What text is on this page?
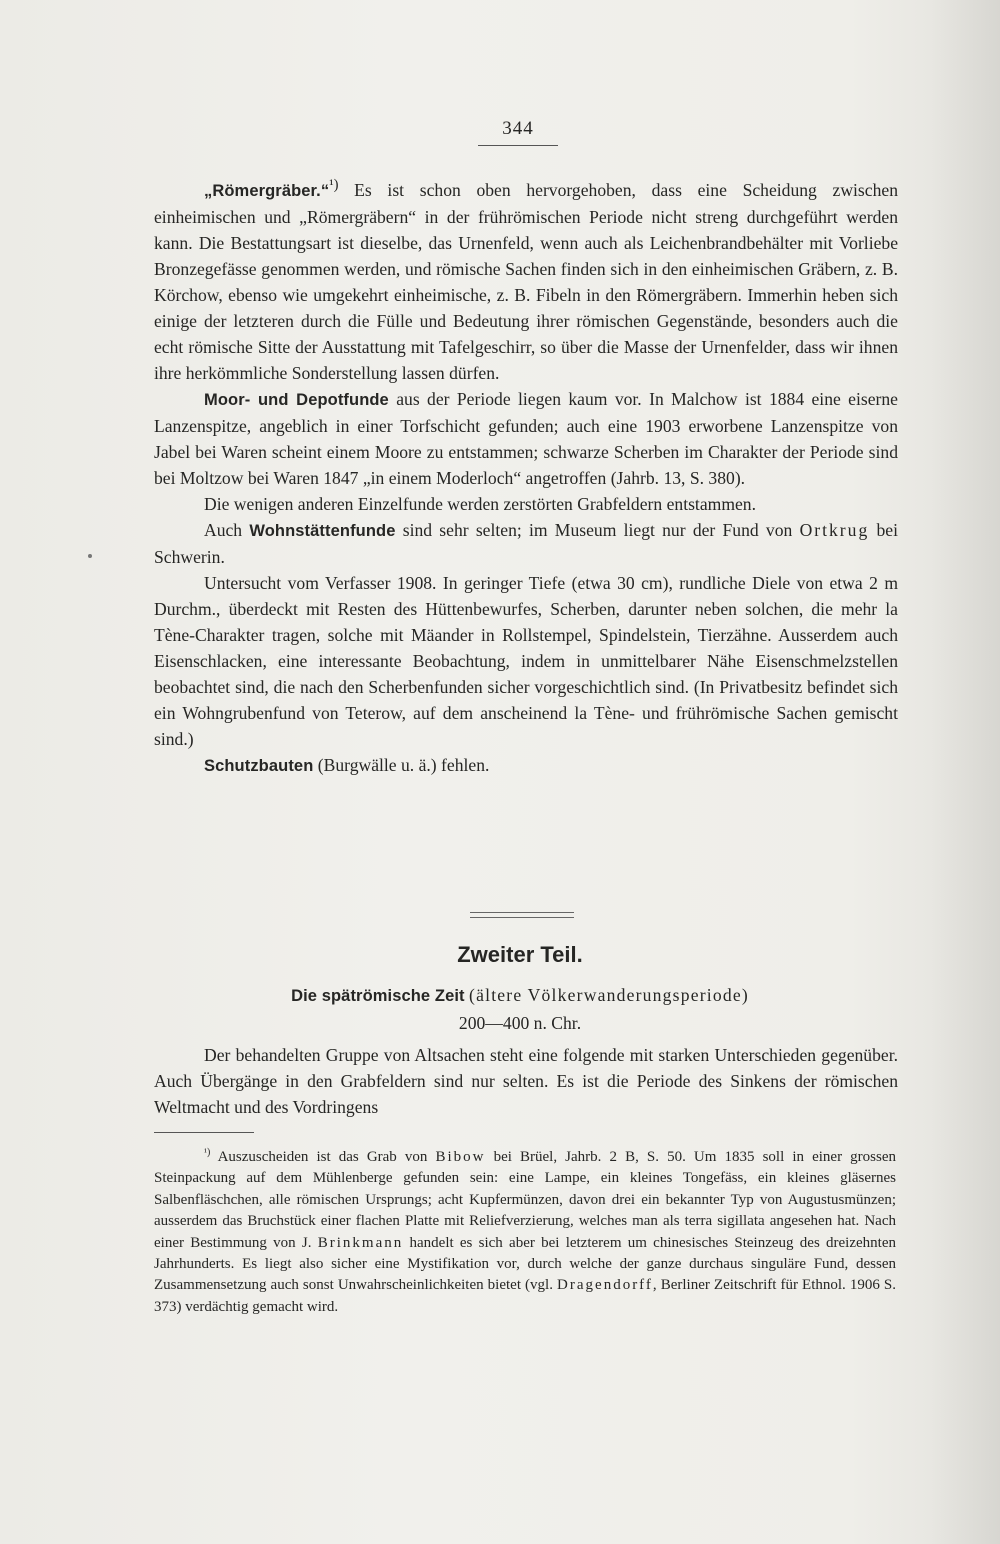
344

„Römergräber.“$^{^1)}$ Es ist schon oben hervorgehoben, dass eine Scheidung zwischen einheimischen und „Römergräbern“ in der frührömischen Periode nicht streng durchgeführt werden kann. Die Bestattungsart ist dieselbe, das Urnenfeld, wenn auch als Leichenbrandbehälter mit Vorliebe Bronzegefässe genommen werden, und römische Sachen finden sich in den einheimischen Gräbern, z. B. Körchow, ebenso wie umgekehrt einheimische, z. B. Fibeln in den Römergräbern. Immerhin heben sich einige der letzteren durch die Fülle und Bedeutung ihrer römischen Gegenstände, besonders auch die echt römische Sitte der Ausstattung mit Tafelgeschirr, so über die Masse der Urnenfelder, dass wir ihnen ihre herkömmliche Sonderstellung lassen dürfen.

Moor- und Depotfunde aus der Periode liegen kaum vor. In Malchow ist 1884 eine eiserne Lanzenspitze, angeblich in einer Torfschicht gefunden; auch eine 1903 erworbene Lanzenspitze von Jabel bei Waren scheint einem Moore zu entstammen; schwarze Scherben im Charakter der Periode sind bei Moltzow bei Waren 1847 „in einem Moderloch“ angetroffen (Jahrb. 13, S. 380).

Die wenigen anderen Einzelfunde werden zerstörten Grabfeldern entstammen.

Auch Wohnstättenfunde sind sehr selten; im Museum liegt nur der Fund von Ortkrug bei Schwerin.

Untersucht vom Verfasser 1908. In geringer Tiefe (etwa 30 cm), rundliche Diele von etwa 2 m Durchm., überdeckt mit Resten des Hüttenbewurfes, Scherben, darunter neben solchen, die mehr la Tène-Charakter tragen, solche mit Mäander in Rollstempel, Spindelstein, Tierzähne. Ausserdem auch Eisenschlacken, eine interessante Beobachtung, indem in unmittelbarer Nähe Eisenschmelzstellen beobachtet sind, die nach den Scherbenfunden sicher vorgeschichtlich sind. (In Privatbesitz befindet sich ein Wohngrubenfund von Teterow, auf dem anscheinend la Tène- und frührömische Sachen gemischt sind.)

Schutzbauten (Burgwälle u. ä.) fehlen.

Zweiter Teil.
Die spätrömische Zeit (ältere Völkerwanderungsperiode)
200—400 n. Chr.

Der behandelten Gruppe von Altsachen steht eine folgende mit starken Unterschieden gegenüber. Auch Übergänge in den Grabfeldern sind nur selten. Es ist die Periode des Sinkens der römischen Weltmacht und des Vordringens

$^{^1)}$ Auszuscheiden ist das Grab von Bibow bei Brüel, Jahrb. 2 B, S. 50. Um 1835 soll in einer grossen Steinpackung auf dem Mühlenberge gefunden sein: eine Lampe, ein kleines Tongefäss, ein kleines gläsernes Salbenfläschchen, alle römischen Ursprungs; acht Kupfermünzen, davon drei ein bekannter Typ von Augustusmünzen; ausserdem das Bruchstück einer flachen Platte mit Reliefverzierung, welches man als terra sigillata angesehen hat. Nach einer Bestimmung von J. Brinkmann handelt es sich aber bei letzterem um chinesisches Steinzeug des dreizehnten Jahrhunderts. Es liegt also sicher eine Mystifikation vor, durch welche der ganze durchaus singuläre Fund, dessen Zusammensetzung auch sonst Unwahrscheinlichkeiten bietet (vgl. Dragendorff, Berliner Zeitschrift für Ethnol. 1906 S. 373) verdächtig gemacht wird.
